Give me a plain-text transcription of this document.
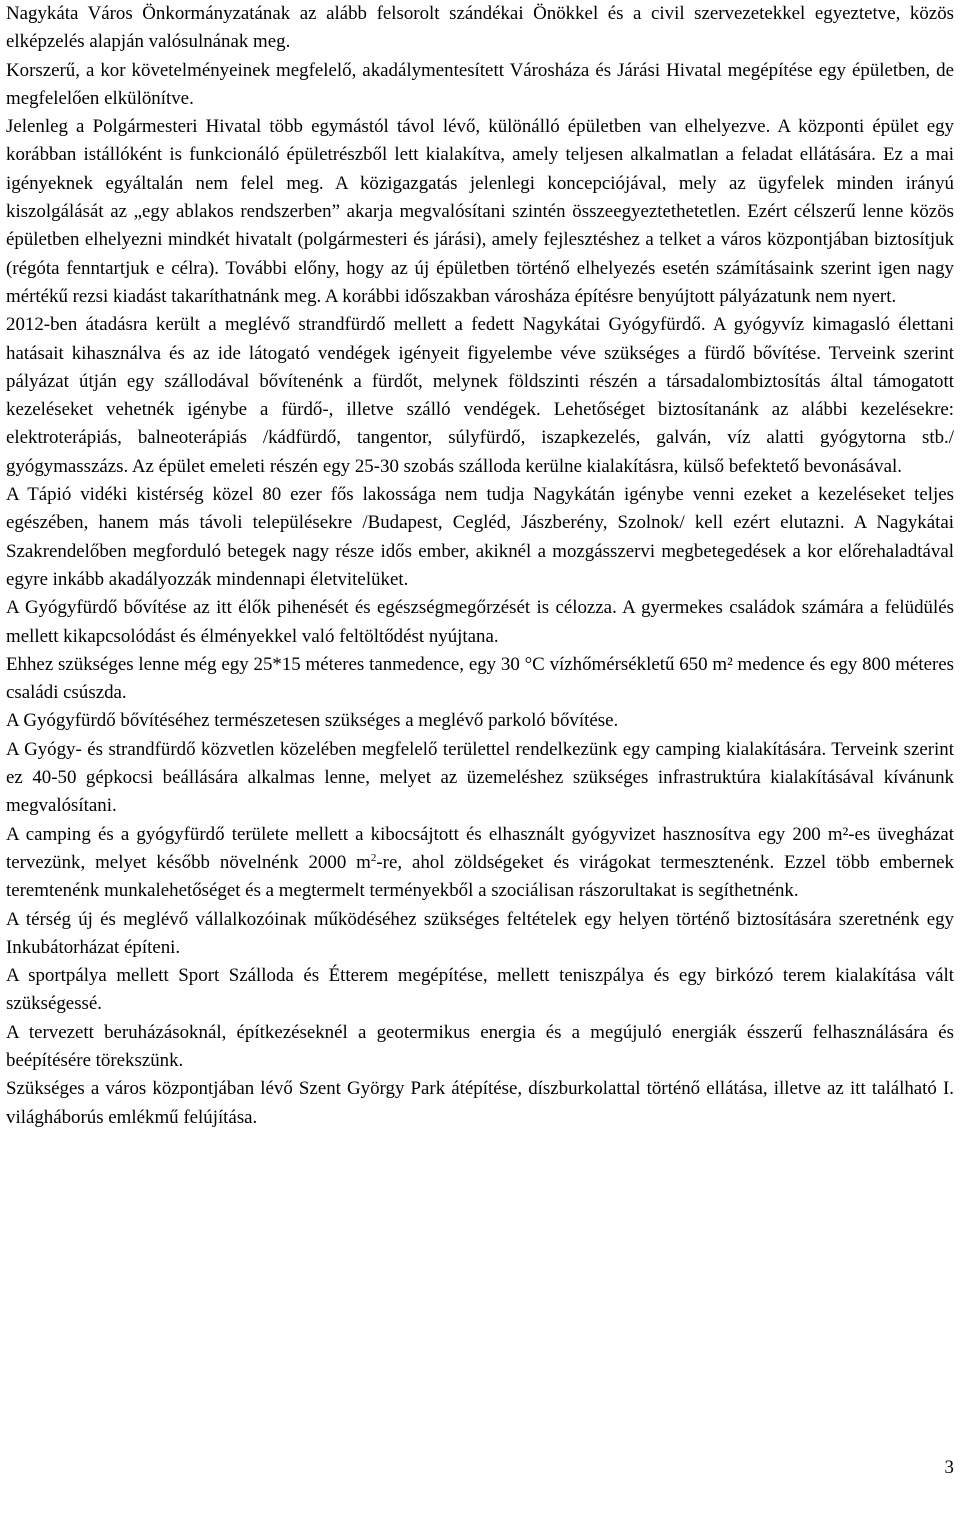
Nagykáta Város Önkormányzatának az alább felsorolt szándékai Önökkel és a civil szervezetekkel egyeztetve, közös elképzelés alapján valósulnának meg.

Korszerű, a kor követelményeinek megfelelő, akadálymentesített Városháza és Járási Hivatal megépítése egy épületben, de megfelelően elkülönítve.

Jelenleg a Polgármesteri Hivatal több egymástól távol lévő, különálló épületben van elhelyezve. A központi épület egy korábban istállóként is funkcionáló épületrészből lett kialakítva, amely teljesen alkalmatlan a feladat ellátására. Ez a mai igényeknek egyáltalán nem felel meg. A közigazgatás jelenlegi koncepciójával, mely az ügyfelek minden irányú kiszolgálását az „egy ablakos rendszerben” akarja megvalósítani szintén összeegyeztethetetlen. Ezért célszerű lenne közös épületben elhelyezni mindkét hivatalt (polgármesteri és járási), amely fejlesztéshez a telket a város központjában biztosítjuk (régóta fenntartjuk e célra). További előny, hogy az új épületben történő elhelyezés esetén számításaink szerint igen nagy mértékű rezsi kiadást takaríthatnánk meg. A korábbi időszakban városháza építésre benyújtott pályázatunk nem nyert.

2012-ben átadásra került a meglévő strandfürdő mellett a fedett Nagykátai Gyógyfürdő. A gyógyvíz kimagasló élettani hatásait kihasználva és az ide látogató vendégek igényeit figyelembe véve szükséges a fürdő bővítése. Terveink szerint pályázat útján egy szállodával bővítenénk a fürdőt, melynek földszinti részén a társadalombiztosítás által támogatott kezeléseket vehetnék igénybe a fürdő-, illetve szálló vendégek. Lehetőséget biztosítanánk az alábbi kezelésekre: elektroterápiás, balneoterápiás /kádfürdő, tangentor, súlyfürdő, iszapkezelés, galván, víz alatti gyógytorna stb./ gyógymasszázs. Az épület emeleti részén egy 25-30 szobás szálloda kerülne kialakításra, külső befektető bevonásával.

A Tápió vidéki kistérség közel 80 ezer fős lakossága nem tudja Nagykátán igénybe venni ezeket a kezeléseket teljes egészében, hanem más távoli településekre /Budapest, Cegléd, Jászberény, Szolnok/ kell ezért elutazni. A Nagykátai Szakrendelőben megforduló betegek nagy része idős ember, akiknél a mozgásszervi megbetegedések a kor előrehaladtával egyre inkább akadályozzák mindennapi életvitelüket.

A Gyógyfürdő bővítése az itt élők pihenését és egészségmegőrzését is célozza. A gyermekes családok számára a felüdülés mellett kikapcsolódást és élményekkel való feltöltődést nyújtana.

Ehhez szükséges lenne még egy 25*15 méteres tanmedence, egy 30 °C vízhőmérsékletű 650 m² medence és egy 800 méteres családi csúszda.

A Gyógyfürdő bővítéséhez természetesen szükséges a meglévő parkoló bővítése.

A Gyógy- és strandfürdő közvetlen közelében megfelelő területtel rendelkezünk egy camping kialakítására. Terveink szerint ez 40-50 gépkocsi beállására alkalmas lenne, melyet az üzemeléshez szükséges infrastruktúra kialakításával kívánunk megvalósítani.

A camping és a gyógyfürdő területe mellett a kibocsájtott és elhasznált gyógyvizet hasznosítva egy 200 m²-es üvegházat tervezünk, melyet később növelnénk 2000 $m^2-re$, ahol zöldségeket és virágokat termesztenénk. Ezzel több embernek teremtenénk munkalehetőséget és a megtermelt terményekből a szociálisan rászorultakat is segíthetnénk.

A térség új és meglévő vállalkozóinak működéséhez szükséges feltételek egy helyen történő biztosítására szeretnénk egy Inkubátorházat építeni.

A sportpálya mellett Sport Szálloda és Étterem megépítése, mellett teniszpálya és egy birkózó terem kialakítása vált szükségessé.

A tervezett beruházásoknál, építkezéseknél a geotermikus energia és a megújuló energiák ésszerű felhasználására és beépítésére törekszünk.

Szükséges a város központjában lévő Szent György Park átépítése, díszburkolattal történő ellátása, illetve az itt található I. világháborús emlékmű felújítása.

3
